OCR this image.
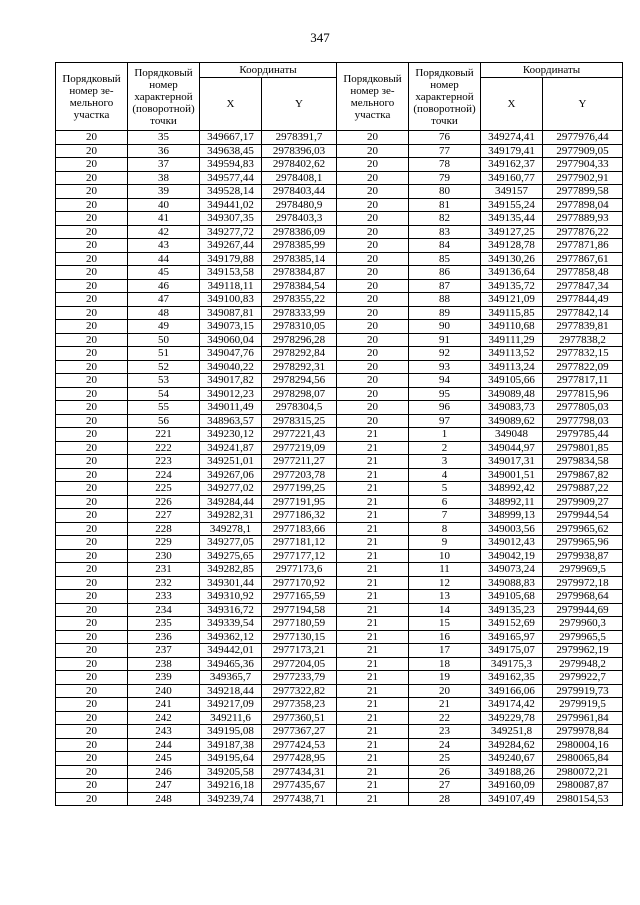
347
Порядковый номер зе-мельного участка	Порядковый номер характерной (поворотной) точки	Координаты		Порядковый номер зе-мельного участка	Порядковый номер характерной (поворотной) точки	Координаты	
		X	Y			X	Y
20	35	349667,17	2978391,7	20	76	349274,41	2977976,44
20	36	349638,45	2978396,03	20	77	349179,41	2977909,05
20	37	349594,83	2978402,62	20	78	349162,37	2977904,33
20	38	349577,44	2978408,1	20	79	349160,77	2977902,91
20	39	349528,14	2978403,44	20	80	349157	2977899,58
20	40	349441,02	2978480,9	20	81	349155,24	2977898,04
20	41	349307,35	2978403,3	20	82	349135,44	2977889,93
20	42	349277,72	2978386,09	20	83	349127,25	2977876,22
20	43	349267,44	2978385,99	20	84	349128,78	2977871,86
20	44	349179,88	2978385,14	20	85	349130,26	2977867,61
20	45	349153,58	2978384,87	20	86	349136,64	2977858,48
20	46	349118,11	2978384,54	20	87	349135,72	2977847,34
20	47	349100,83	2978355,22	20	88	349121,09	2977844,49
20	48	349087,81	2978333,99	20	89	349115,85	2977842,14
20	49	349073,15	2978310,05	20	90	349110,68	2977839,81
20	50	349060,04	2978296,28	20	91	349111,29	2977838,2
20	51	349047,76	2978292,84	20	92	349113,52	2977832,15
20	52	349040,22	2978292,31	20	93	349113,24	2977822,09
20	53	349017,82	2978294,56	20	94	349105,66	2977817,11
20	54	349012,23	2978298,07	20	95	349089,48	2977815,96
20	55	349011,49	2978304,5	20	96	349083,73	2977805,03
20	56	348963,57	2978315,25	20	97	349089,62	2977798,03
20	221	349230,12	2977221,43	21	1	349048	2979785,44
20	222	349241,87	2977219,09	21	2	349044,97	2979801,85
20	223	349251,01	2977211,27	21	3	349017,31	2979834,58
20	224	349267,06	2977203,78	21	4	349001,51	2979867,82
20	225	349277,02	2977199,25	21	5	348992,42	2979887,22
20	226	349284,44	2977191,95	21	6	348992,11	2979909,27
20	227	349282,31	2977186,32	21	7	348999,13	2979944,54
20	228	349278,1	2977183,66	21	8	349003,56	2979965,62
20	229	349277,05	2977181,12	21	9	349012,43	2979965,96
20	230	349275,65	2977177,12	21	10	349042,19	2979938,87
20	231	349282,85	2977173,6	21	11	349073,24	2979969,5
20	232	349301,44	2977170,92	21	12	349088,83	2979972,18
20	233	349310,92	2977165,59	21	13	349105,68	2979968,64
20	234	349316,72	2977194,58	21	14	349135,23	2979944,69
20	235	349339,54	2977180,59	21	15	349152,69	2979960,3
20	236	349362,12	2977130,15	21	16	349165,97	2979965,5
20	237	349442,01	2977173,21	21	17	349175,07	2979962,19
20	238	349465,36	2977204,05	21	18	349175,3	2979948,2
20	239	349365,7	2977233,79	21	19	349162,35	2979922,7
20	240	349218,44	2977322,82	21	20	349166,06	2979919,73
20	241	349217,09	2977358,23	21	21	349174,42	2979919,5
20	242	349211,6	2977360,51	21	22	349229,78	2979961,84
20	243	349195,08	2977367,27	21	23	349251,8	2979978,84
20	244	349187,38	2977424,53	21	24	349284,62	2980004,16
20	245	349195,64	2977428,95	21	25	349240,67	2980065,84
20	246	349205,58	2977434,31	21	26	349188,26	2980072,21
20	247	349216,18	2977435,67	21	27	349160,09	2980087,87
20	248	349239,74	2977438,71	21	28	349107,49	2980154,53
